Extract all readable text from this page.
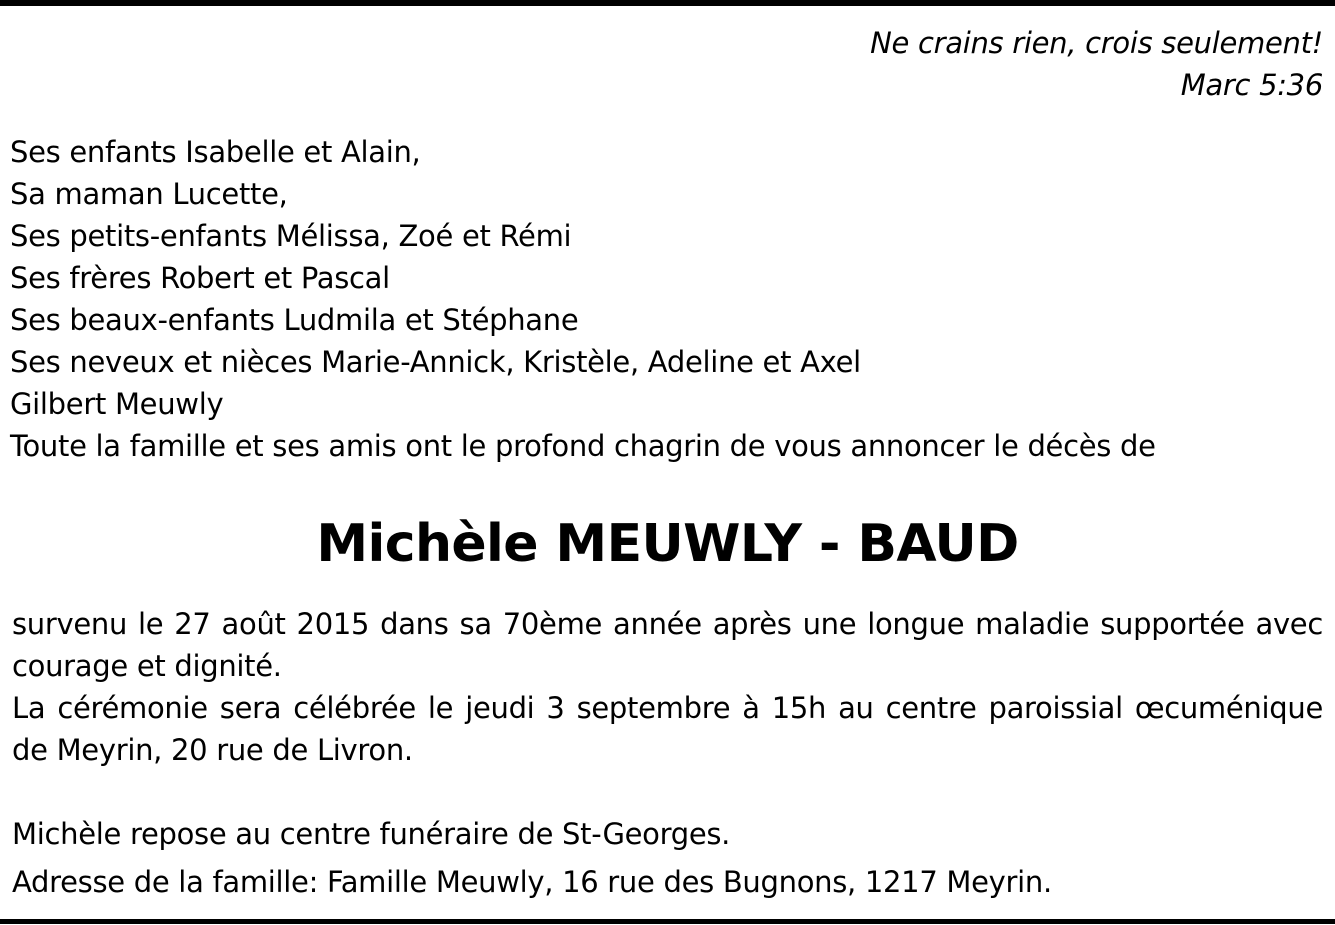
Ne crains rien, crois seulement!
Marc 5:36
Ses enfants Isabelle et Alain,
Sa maman Lucette,
Ses petits-enfants Mélissa, Zoé et Rémi
Ses frères Robert et Pascal
Ses beaux-enfants Ludmila et Stéphane
Ses neveux et nièces Marie-Annick, Kristèle, Adeline et Axel
Gilbert Meuwly
Toute la famille et ses amis ont le profond chagrin de vous annoncer le décès de
Michèle MEUWLY - BAUD

survenu le 27 août 2015 dans sa 70ème année après une longue maladie supportée avec courage et dignité.

La cérémonie sera célébrée le jeudi 3 septembre à 15h au centre paroissial œcuménique de Meyrin, 20 rue de Livron.

Michèle repose au centre funéraire de St-Georges.

Adresse de la famille: Famille Meuwly, 16 rue des Bugnons, 1217 Meyrin.
